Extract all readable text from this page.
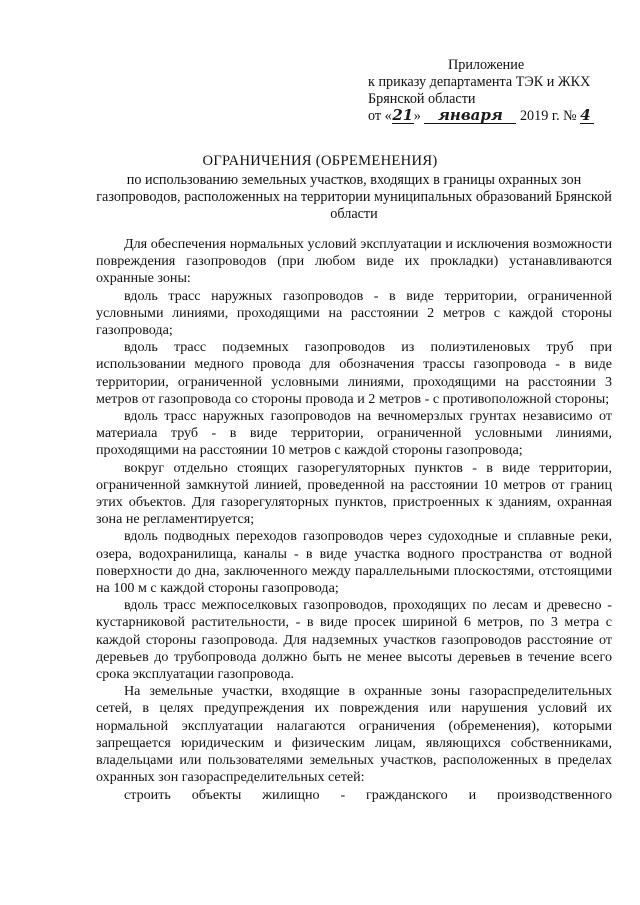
Приложение
к приказу департамента ТЭК и ЖКХ
Брянской области
от «21» января 2019 г. № 4
ОГРАНИЧЕНИЯ (ОБРЕМЕНЕНИЯ)
по использованию земельных участков, входящих в границы охранных зон газопроводов, расположенных на территории муниципальных образований Брянской области

Для обеспечения нормальных условий эксплуатации и исключения возможности повреждения газопроводов (при любом виде их прокладки) устанавливаются охранные зоны:

вдоль трасс наружных газопроводов - в виде территории, ограниченной условными линиями, проходящими на расстоянии 2 метров с каждой стороны газопровода;

вдоль трасс подземных газопроводов из полиэтиленовых труб при использовании медного провода для обозначения трассы газопровода - в виде территории, ограниченной условными линиями, проходящими на расстоянии 3 метров от газопровода со стороны провода и 2 метров - с противоположной стороны;

вдоль трасс наружных газопроводов на вечномерзлых грунтах независимо от материала труб - в виде территории, ограниченной условными линиями, проходящими на расстоянии 10 метров с каждой стороны газопровода;

вокруг отдельно стоящих газорегуляторных пунктов - в виде территории, ограниченной замкнутой линией, проведенной на расстоянии 10 метров от границ этих объектов. Для газорегуляторных пунктов, пристроенных к зданиям, охранная зона не регламентируется;

вдоль подводных переходов газопроводов через судоходные и сплавные реки, озера, водохранилища, каналы - в виде участка водного пространства от водной поверхности до дна, заключенного между параллельными плоскостями, отстоящими на 100 м с каждой стороны газопровода;

вдоль трасс межпоселковых газопроводов, проходящих по лесам и древесно - кустарниковой растительности, - в виде просек шириной 6 метров, по 3 метра с каждой стороны газопровода. Для надземных участков газопроводов расстояние от деревьев до трубопровода должно быть не менее высоты деревьев в течение всего срока эксплуатации газопровода.

На земельные участки, входящие в охранные зоны газораспределительных сетей, в целях предупреждения их повреждения или нарушения условий их нормальной эксплуатации налагаются ограничения (обременения), которыми запрещается юридическим и физическим лицам, являющихся собственниками, владельцами или пользователями земельных участков, расположенных в пределах охранных зон газораспределительных сетей:

строить объекты жилищно - гражданского и производственного
